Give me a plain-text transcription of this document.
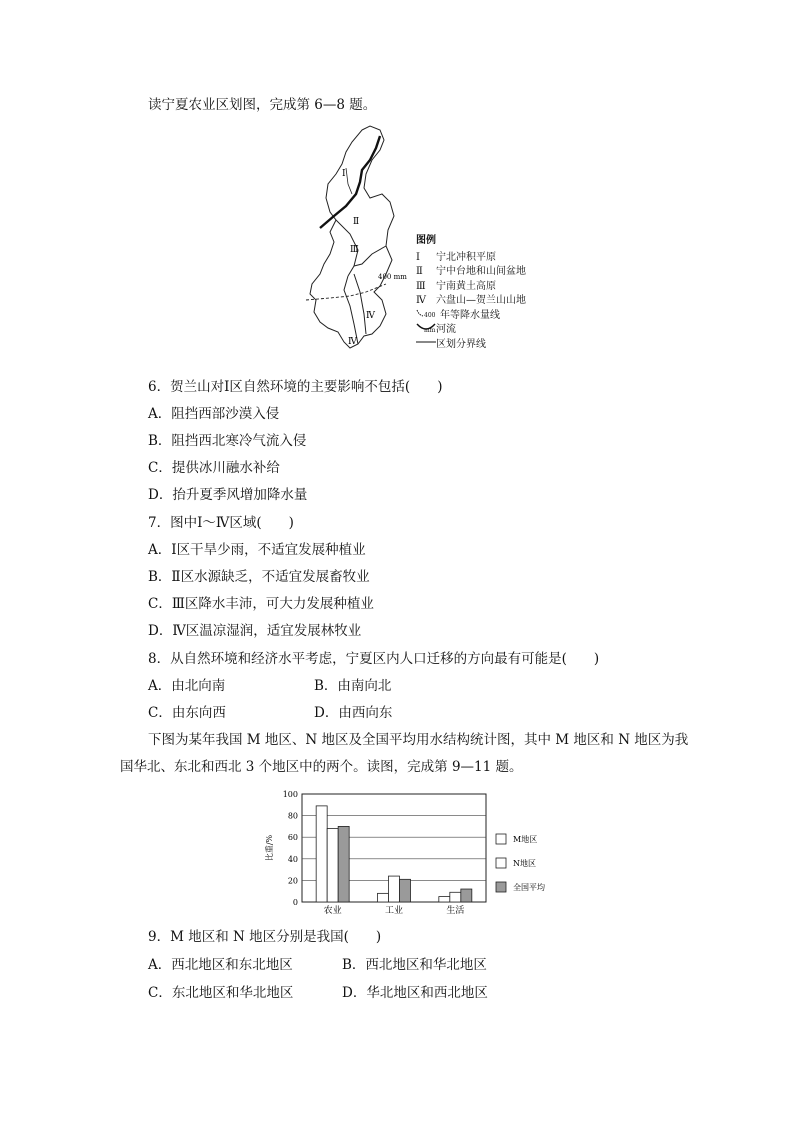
读宁夏农业区划图，完成第 6—8 题。
Ⅰ
Ⅱ
Ⅲ
Ⅳ
Ⅳ
400 mm
图例
Ⅰ	宁北冲积平原
Ⅱ	宁中台地和山间盆地
Ⅲ	宁南黄土高原
Ⅳ	六盘山—贺兰山山地
400 mm
年等降水量线
河流
区划分界线
6．贺兰山对Ⅰ区自然环境的主要影响不包括(　　)
A．阻挡西部沙漠入侵
B．阻挡西北寒冷气流入侵
C．提供冰川融水补给
D．抬升夏季风增加降水量
7．图中Ⅰ～Ⅳ区域(　　)
A．Ⅰ区干旱少雨，不适宜发展种植业
B．Ⅱ区水源缺乏，不适宜发展畜牧业
C．Ⅲ区降水丰沛，可大力发展种植业
D．Ⅳ区温凉湿润，适宜发展林牧业
8．从自然环境和经济水平考虑，宁夏区内人口迁移的方向最有可能是(　　)
A．由北向南	B．由南向北
C．由东向西	D．由西向东
下图为某年我国 M 地区、N 地区及全国平均用水结构统计图，其中 M 地区和 N 地区为我
国华北、东北和西北 3 个地区中的两个。读图，完成第 9—11 题。
比重/%
0
20
40
60
80
100
农业	工业	生活
M地区
N地区
全国平均
9．M 地区和 N 地区分别是我国(　　)
A．西北地区和东北地区	B．西北地区和华北地区
C．东北地区和华北地区	D．华北地区和西北地区
